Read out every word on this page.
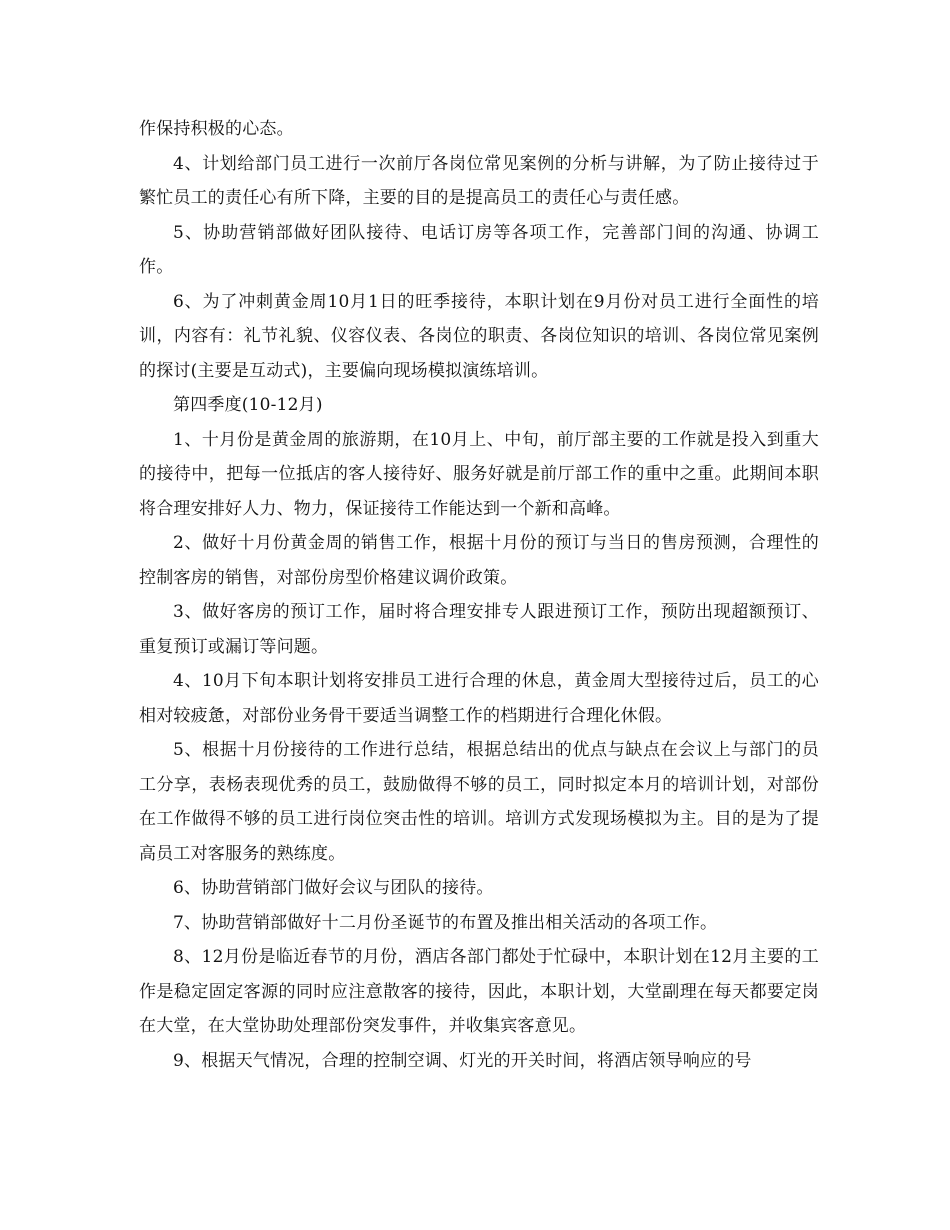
作保持积极的心态。

4、计划给部门员工进行一次前厅各岗位常见案例的分析与讲解，为了防止接待过于繁忙员工的责任心有所下降，主要的目的是提高员工的责任心与责任感。

5、协助营销部做好团队接待、电话订房等各项工作，完善部门间的沟通、协调工作。

6、为了冲刺黄金周10月1日的旺季接待，本职计划在9月份对员工进行全面性的培训，内容有：礼节礼貌、仪容仪表、各岗位的职责、各岗位知识的培训、各岗位常见案例的探讨(主要是互动式)，主要偏向现场模拟演练培训。

第四季度(10-12月)

1、十月份是黄金周的旅游期，在10月上、中旬，前厅部主要的工作就是投入到重大的接待中，把每一位抵店的客人接待好、服务好就是前厅部工作的重中之重。此期间本职将合理安排好人力、物力，保证接待工作能达到一个新和高峰。

2、做好十月份黄金周的销售工作，根据十月份的预订与当日的售房预测，合理性的控制客房的销售，对部份房型价格建议调价政策。

3、做好客房的预订工作，届时将合理安排专人跟进预订工作，预防出现超额预订、重复预订或漏订等问题。

4、10月下旬本职计划将安排员工进行合理的休息，黄金周大型接待过后，员工的心相对较疲惫，对部份业务骨干要适当调整工作的档期进行合理化休假。

5、根据十月份接待的工作进行总结，根据总结出的优点与缺点在会议上与部门的员工分享，表杨表现优秀的员工，鼓励做得不够的员工，同时拟定本月的培训计划，对部份在工作做得不够的员工进行岗位突击性的培训。培训方式发现场模拟为主。目的是为了提高员工对客服务的熟练度。

6、协助营销部门做好会议与团队的接待。

7、协助营销部做好十二月份圣诞节的布置及推出相关活动的各项工作。

8、12月份是临近春节的月份，酒店各部门都处于忙碌中，本职计划在12月主要的工作是稳定固定客源的同时应注意散客的接待，因此，本职计划，大堂副理在每天都要定岗在大堂，在大堂协助处理部份突发事件，并收集宾客意见。

9、根据天气情况，合理的控制空调、灯光的开关时间，将酒店领导响应的号
